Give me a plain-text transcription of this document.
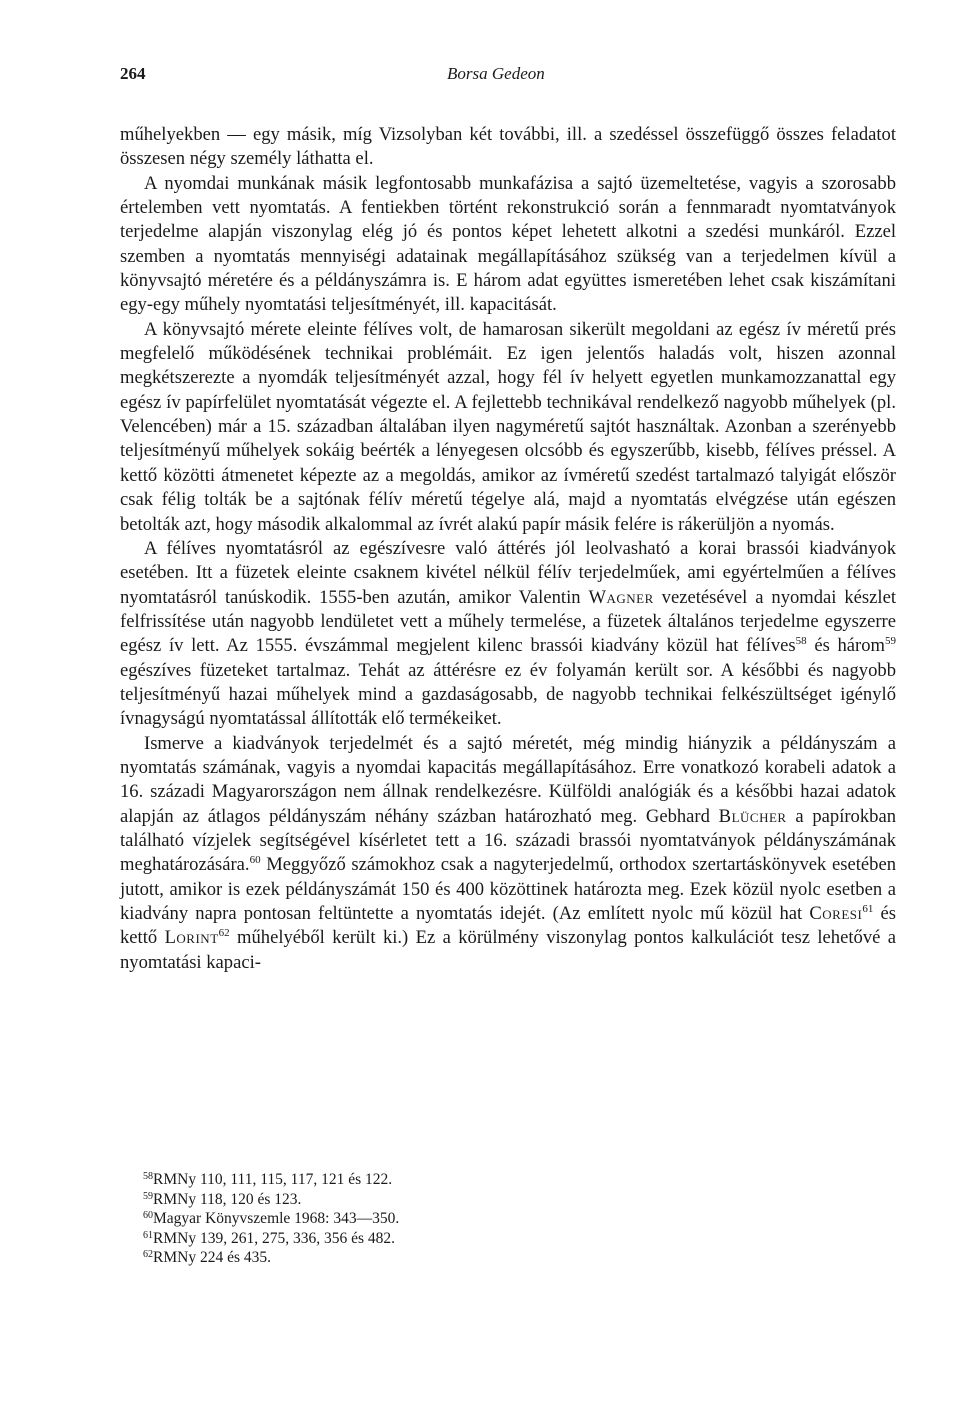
264	Borsa Gedeon

műhelyekben — egy másik, míg Vizsolyban két további, ill. a szedéssel összefüggő összes feladatot összesen négy személy láthatta el.

A nyomdai munkának másik legfontosabb munkafázisa a sajtó üzemeltetése, vagyis a szorosabb értelemben vett nyomtatás. A fentiekben történt rekonstrukció során a fennmaradt nyomtatványok terjedelme alapján viszonylag elég jó és pontos képet lehetett alkotni a szedési munkáról. Ezzel szemben a nyomtatás mennyiségi adatainak megállapításához szükség van a terjedelmen kívül a könyvsajtó méretére és a példányszámra is. E három adat együttes ismeretében lehet csak kiszámítani egy-egy műhely nyomtatási teljesítményét, ill. kapacitását.

A könyvsajtó mérete eleinte félíves volt, de hamarosan sikerült megoldani az egész ív méretű prés megfelelő működésének technikai problémáit. Ez igen jelentős haladás volt, hiszen azonnal megkétszerezte a nyomdák teljesítményét azzal, hogy fél ív helyett egyetlen munkamozzanattal egy egész ív papírfelület nyomtatását végezte el. A fejlettebb technikával rendelkező nagyobb műhelyek (pl. Velencében) már a 15. században általában ilyen nagyméretű sajtót használtak. Azonban a szerényebb teljesítményű műhelyek sokáig beérték a lényegesen olcsóbb és egyszerűbb, kisebb, félíves préssel. A kettő közötti átmenetet képezte az a megoldás, amikor az ívméretű szedést tartalmazó talyigát először csak félig tolták be a sajtónak félív méretű tégelye alá, majd a nyomtatás elvégzése után egészen betolták azt, hogy második alkalommal az ívrét alakú papír másik felére is rákerüljön a nyomás.

A félíves nyomtatásról az egészívesre való áttérés jól leolvasható a korai brassói kiadványok esetében. Itt a füzetek eleinte csaknem kivétel nélkül félív terjedelműek, ami egyértelműen a félíves nyomtatásról tanúskodik. 1555-ben azután, amikor Valentin Wagner vezetésével a nyomdai készlet felfrissítése után nagyobb lendületet vett a műhely termelése, a füzetek általános terjedelme egyszerre egész ív lett. Az 1555. évszámmal megjelent kilenc brassói kiadvány közül hat félíves$^{58}$ és három$^{59}$ egészíves füzeteket tartalmaz. Tehát az áttérésre ez év folyamán került sor. A későbbi és nagyobb teljesítményű hazai műhelyek mind a gazdaságosabb, de nagyobb technikai felkészültséget igénylő ívnagyságú nyomtatással állították elő termékeiket.

Ismerve a kiadványok terjedelmét és a sajtó méretét, még mindig hiányzik a példányszám a nyomtatás számának, vagyis a nyomdai kapacitás megállapításához. Erre vonatkozó korabeli adatok a 16. századi Magyarországon nem állnak rendelkezésre. Külföldi analógiák és a későbbi hazai adatok alapján az átlagos példányszám néhány százban határozható meg. Gebhard Blücher a papírokban található vízjelek segítségével kísérletet tett a 16. századi brassói nyomtatványok példányszámának meghatározására.$^{60}$ Meggyőző számokhoz csak a nagyterjedelmű, orthodox szertartáskönyvek esetében jutott, amikor is ezek példányszámát 150 és 400 közöttinek határozta meg. Ezek közül nyolc esetben a kiadvány napra pontosan feltüntette a nyomtatás idejét. (Az említett nyolc mű közül hat Coresi$^{61}$ és kettő Lorint$^{62}$ műhelyéből került ki.) Ez a körülmény viszonylag pontos kalkulációt tesz lehetővé a nyomtatási kapaci-

$^{58}$RMNy 110, 111, 115, 117, 121 és 122.
$^{59}$RMNy 118, 120 és 123.
$^{60}$Magyar Könyvszemle 1968: 343—350.
$^{61}$RMNy 139, 261, 275, 336, 356 és 482.
$^{62}$RMNy 224 és 435.
